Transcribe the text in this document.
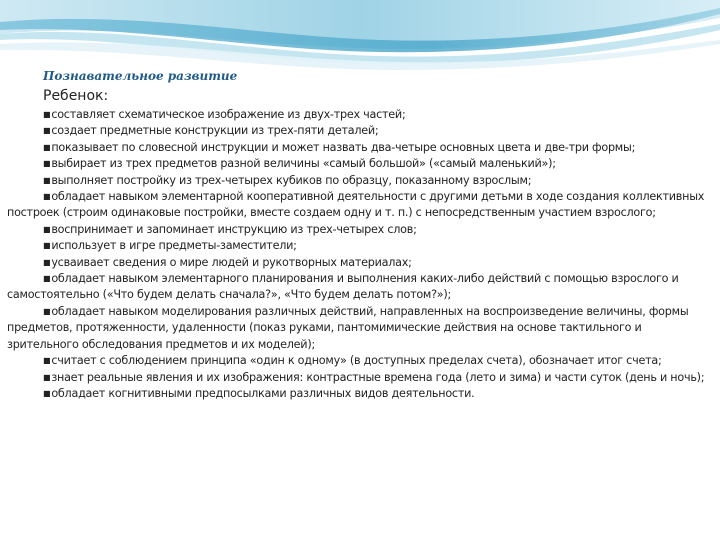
Познавательное развитие
Ребенок:

■составляет схематическое изображение из двух-трех частей;

■создает предметные конструкции из трех-пяти деталей;

■показывает по словесной инструкции и может назвать два-четыре основных цвета и две-три формы;

■выбирает из трех предметов разной величины «самый большой» («самый маленький»);

■выполняет постройку из трех-четырех кубиков по образцу, показанному взрослым;

■обладает навыком элементарной кооперативной деятельности с другими детьми в ходе создания коллективных построек (строим одинаковые постройки, вместе создаем одну и т. п.) с непосредственным участием взрослого;

■воспринимает и запоминает инструкцию из трех-четырех слов;

■использует в игре предметы-заместители;

■усваивает сведения о мире людей и рукотворных материалах;

■обладает навыком элементарного планирования и выполнения каких-либо действий с помощью взрослого и самостоятельно («Что будем делать сначала?», «Что будем делать потом?»);

■обладает навыком моделирования различных действий, направленных на воспроизведение величины, формы предметов, протяженности, удаленности (показ руками, пантомимические действия на основе тактильного и зрительного обследования предметов и их моделей);

■считает с соблюдением принципа «один к одному» (в доступных пределах счета), обозначает итог счета;

■знает реальные явления и их изображения: контрастные времена года (лето и зима) и части суток (день и ночь);

■обладает когнитивными предпосылками различных видов деятельности.
